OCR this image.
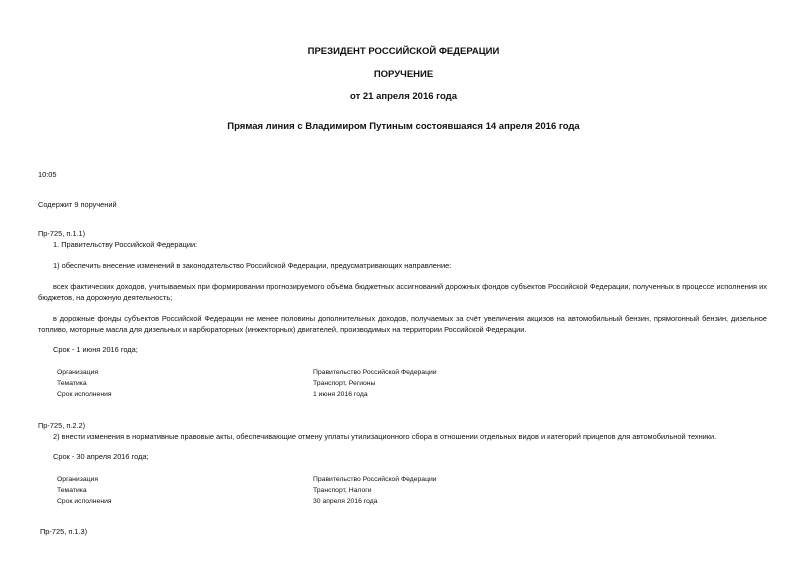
ПРЕЗИДЕНТ РОССИЙСКОЙ ФЕДЕРАЦИИ
ПОРУЧЕНИЕ
от 21 апреля 2016 года
Прямая линия с Владимиром Путиным состоявшаяся 14 апреля 2016 года
10:05
Содержит 9 поручений
Пр-725, п.1.1)
1. Правительству Российской Федерации:
1) обеспечить внесение изменений в законодательство Российской Федерации, предусматривающих направление:
всех фактических доходов, учитываемых при формировании прогнозируемого объёма бюджетных ассигнований дорожных фондов субъектов Российской Федерации, полученных в процессе исполнения их бюджетов, на дорожную деятельность;
в дорожные фонды субъектов Российской Федерации не менее половины дополнительных доходов, получаемых за счёт увеличения акцизов на автомобильный бензин, прямогонный бензин, дизельное топливо, моторные масла для дизельных и карбюраторных (инжекторных) двигателей, производимых на территории Российской Федерации.
Срок - 1 июня 2016 года;
Организация	Правительство Российской Федерации
Тематика	Транспорт, Регионы
Срок исполнения	1 июня 2016 года
Пр-725, п.2.2)
2) внести изменения в нормативные правовые акты, обеспечивающие отмену уплаты утилизационного сбора в отношении отдельных видов и категорий прицепов для автомобильной техники.
Срок - 30 апреля 2016 года;
Организация	Правительство Российской Федерации
Тематика	Транспорт, Налоги
Срок исполнения	30 апреля 2016 года
Пр-725, п.1.3)
